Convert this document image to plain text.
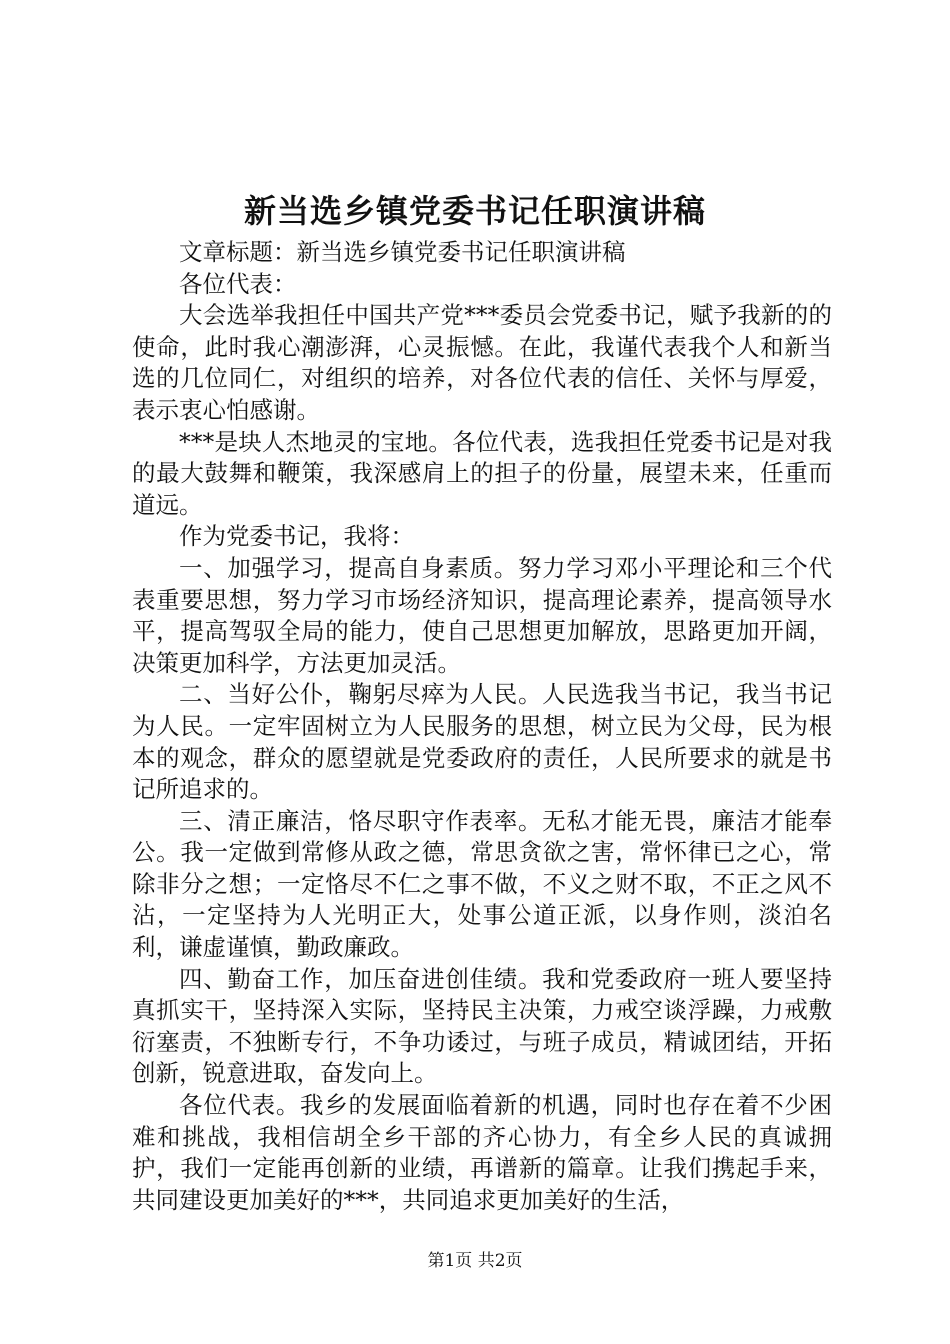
新当选乡镇党委书记任职演讲稿

文章标题：新当选乡镇党委书记任职演讲稿

各位代表：

大会选举我担任中国共产党***委员会党委书记，赋予我新的的使命，此时我心潮澎湃，心灵振憾。在此，我谨代表我个人和新当选的几位同仁，对组织的培养，对各位代表的信任、关怀与厚爱，表示衷心怕感谢。

***是块人杰地灵的宝地。各位代表，选我担任党委书记是对我的最大鼓舞和鞭策，我深感肩上的担子的份量，展望未来，任重而道远。

作为党委书记，我将：

一、加强学习，提高自身素质。努力学习邓小平理论和三个代表重要思想，努力学习市场经济知识，提高理论素养，提高领导水平，提高驾驭全局的能力，使自己思想更加解放，思路更加开阔，决策更加科学，方法更加灵活。

二、当好公仆，鞠躬尽瘁为人民。人民选我当书记，我当书记为人民。一定牢固树立为人民服务的思想，树立民为父母，民为根本的观念，群众的愿望就是党委政府的责任，人民所要求的就是书记所追求的。

三、清正廉洁，恪尽职守作表率。无私才能无畏，廉洁才能奉公。我一定做到常修从政之德，常思贪欲之害，常怀律已之心，常除非分之想；一定恪尽不仁之事不做，不义之财不取，不正之风不沾，一定坚持为人光明正大，处事公道正派，以身作则，淡泊名利，谦虚谨慎，勤政廉政。

四、勤奋工作，加压奋进创佳绩。我和党委政府一班人要坚持真抓实干，坚持深入实际，坚持民主决策，力戒空谈浮躁，力戒敷衍塞责，不独断专行，不争功诿过，与班子成员，精诚团结，开拓创新，锐意进取，奋发向上。

各位代表。我乡的发展面临着新的机遇，同时也存在着不少困难和挑战，我相信胡全乡干部的齐心协力，有全乡人民的真诚拥护，我们一定能再创新的业绩，再谱新的篇章。让我们携起手来，共同建设更加美好的***，共同追求更加美好的生活，

第1页 共2页
